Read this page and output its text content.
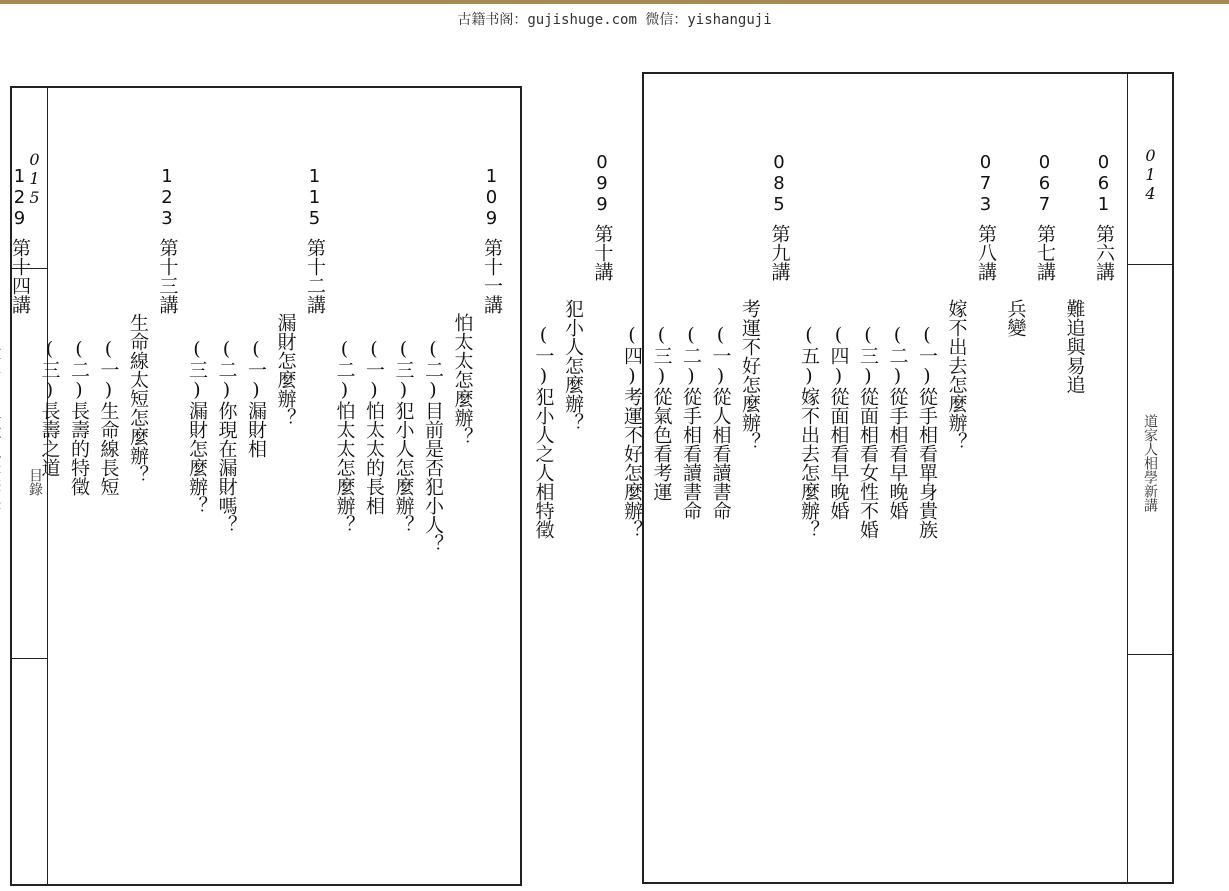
古籍书阁：gujishuge.com 微信：yishanguji
015
目錄
109
第十一講
怕太太怎麼辦？
(二)目前是否犯小人？
(三)犯小人怎麼辦？
(一)怕太太的長相
(二)怕太太怎麼辦？
115
第十二講
漏財怎麼辦？
(一)漏財相
(二)你現在漏財嗎？
(三)漏財怎麼辦？
123
第十三講
生命線太短怎麼辦？
(一)生命線長短
(二)長壽的特徵
(三)長壽之道
129
第十四講
014
道家人相學新講
061
第六講
難追與易追
067
第七講
兵變
073
第八講
嫁不出去怎麼辦？
(一)從手相看單身貴族
(二)從手相看早晚婚
(三)從面相看女性不婚
(四)從面相看早晚婚
(五)嫁不出去怎麼辦？
085
第九講
考運不好怎麼辦？
(一)從人相看讀書命
(二)從手相看讀書命
(三)從氣色看考運
(四)考運不好怎麼辦？
099
第十講
犯小人怎麼辦？
(一)犯小人之人相特徵
